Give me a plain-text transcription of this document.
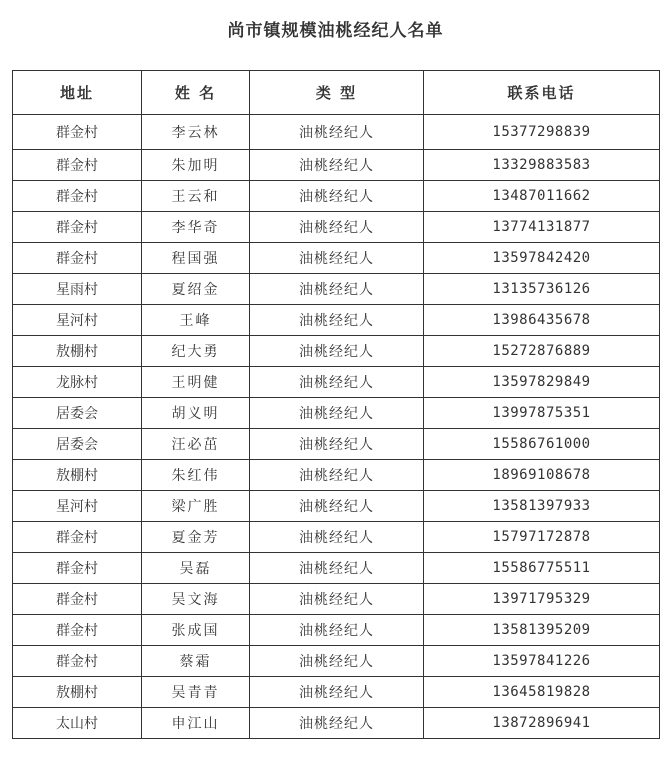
尚市镇规模油桃经纪人名单
地址	姓 名	类 型	联系电话
群金村	李云林	油桃经纪人	15377298839
群金村	朱加明	油桃经纪人	13329883583
群金村	王云和	油桃经纪人	13487011662
群金村	李华奇	油桃经纪人	13774131877
群金村	程国强	油桃经纪人	13597842420
星雨村	夏绍金	油桃经纪人	13135736126
星河村	王峰	油桃经纪人	13986435678
敖棚村	纪大勇	油桃经纪人	15272876889
龙脉村	王明健	油桃经纪人	13597829849
居委会	胡义明	油桃经纪人	13997875351
居委会	汪必茁	油桃经纪人	15586761000
敖棚村	朱红伟	油桃经纪人	18969108678
星河村	梁广胜	油桃经纪人	13581397933
群金村	夏金芳	油桃经纪人	15797172878
群金村	吴磊	油桃经纪人	15586775511
群金村	吴文海	油桃经纪人	13971795329
群金村	张成国	油桃经纪人	13581395209
群金村	蔡霜	油桃经纪人	13597841226
敖棚村	吴青青	油桃经纪人	13645819828
太山村	申江山	油桃经纪人	13872896941
